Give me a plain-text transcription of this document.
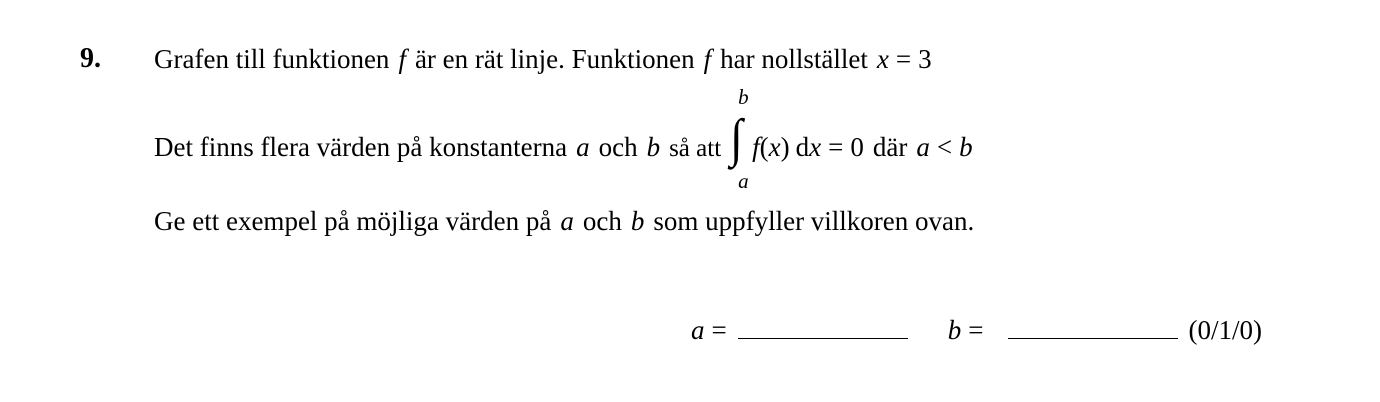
9. Grafen till funktionen f är en rät linje. Funktionen f har nollstället x = 3
Det finns flera värden på konstanterna a och b så att ∫
b
a
f(x) dx = 0 där a < b
Ge ett exempel på möjliga värden på a och b som uppfyller villkoren ovan.
a =	b =	(0/1/0)
